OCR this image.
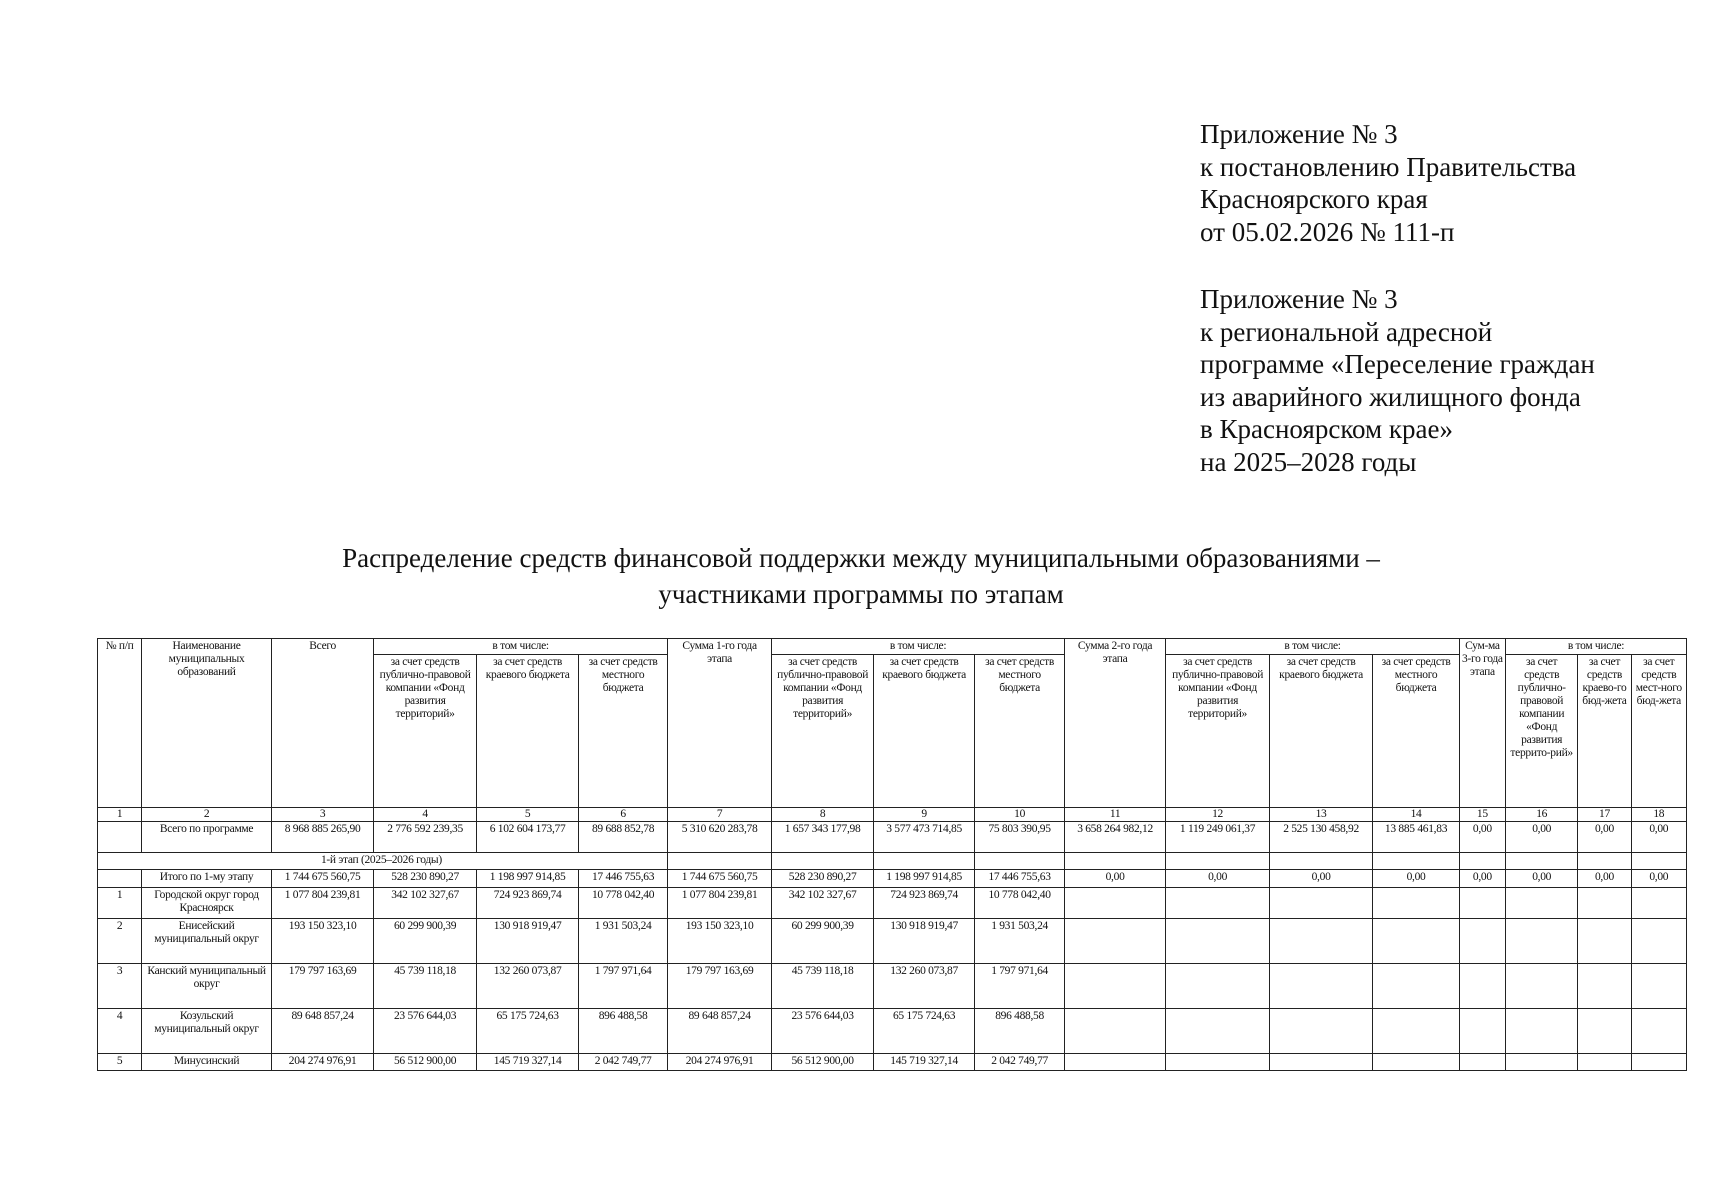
Приложение № 3
к постановлению Правительства
Красноярского края
от 05.02.2026 № 111-п
Приложение № 3
к региональной адресной
программе «Переселение граждан
из аварийного жилищного фонда
в Красноярском крае»
на 2025–2028 годы
Распределение средств финансовой поддержки между муниципальными образованиями –
участниками программы по этапам
№ п/п	Наименование муниципальных образований	Всего	в том числе:			Сумма 1-го года этапа	в том числе:			Сумма 2-го года этапа	в том числе:			Сум-ма 3-го года этапа	в том числе:		
			за счет средств публично-правовой компании «Фонд развития территорий»	за счет средств краевого бюджета	за счет средств местного бюджета		за счет средств публично-правовой компании «Фонд развития территорий»	за счет средств краевого бюджета	за счет средств местного бюджета		за счет средств публично-правовой компании «Фонд развития территорий»	за счет средств краевого бюджета	за счет средств местного бюджета		за счет средств публично-правовой компании «Фонд развития террито-рий»	за счет средств краево-го бюд-жета	за счет средств мест-ного бюд-жета
1	2	3	4	5	6	7	8	9	10	11	12	13	14	15	16	17	18
	Всего по программе	8 968 885 265,90	2 776 592 239,35	6 102 604 173,77	89 688 852,78	5 310 620 283,78	1 657 343 177,98	3 577 473 714,85	75 803 390,95	3 658 264 982,12	1 119 249 061,37	2 525 130 458,92	13 885 461,83	0,00	0,00	0,00	0,00
1-й этап (2025–2026 годы)																	
	Итого по 1-му этапу	1 744 675 560,75	528 230 890,27	1 198 997 914,85	17 446 755,63	1 744 675 560,75	528 230 890,27	1 198 997 914,85	17 446 755,63	0,00	0,00	0,00	0,00	0,00	0,00	0,00	0,00
1	Городской округ город Красноярск	1 077 804 239,81	342 102 327,67	724 923 869,74	10 778 042,40	1 077 804 239,81	342 102 327,67	724 923 869,74	10 778 042,40								
2	Енисейский муниципальный округ	193 150 323,10	60 299 900,39	130 918 919,47	1 931 503,24	193 150 323,10	60 299 900,39	130 918 919,47	1 931 503,24								
3	Канский муниципальный округ	179 797 163,69	45 739 118,18	132 260 073,87	1 797 971,64	179 797 163,69	45 739 118,18	132 260 073,87	1 797 971,64								
4	Козульский муниципальный округ	89 648 857,24	23 576 644,03	65 175 724,63	896 488,58	89 648 857,24	23 576 644,03	65 175 724,63	896 488,58								
5	Минусинский	204 274 976,91	56 512 900,00	145 719 327,14	2 042 749,77	204 274 976,91	56 512 900,00	145 719 327,14	2 042 749,77								
